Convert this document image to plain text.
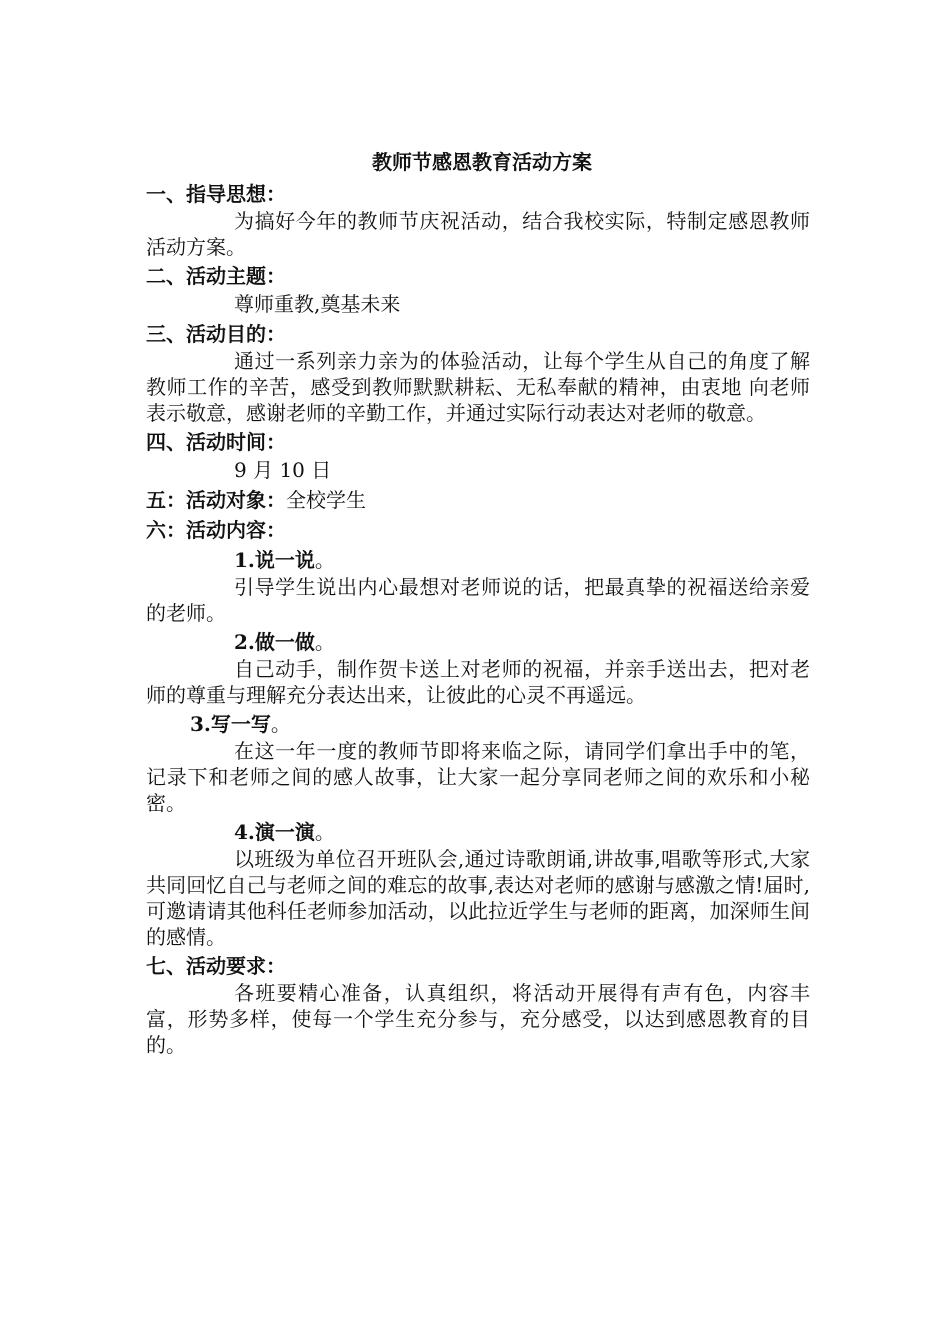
教师节感恩教育活动方案
一、指导思想：

为搞好今年的教师节庆祝活动，结合我校实际，特制定感恩教师活动方案。

二、活动主题：

尊师重教,奠基未来

三、活动目的：

通过一系列亲力亲为的体验活动，让每个学生从自己的角度了解教师工作的辛苦，感受到教师默默耕耘、无私奉献的精神，由衷地 向老师表示敬意，感谢老师的辛勤工作，并通过实际行动表达对老师的敬意。

四、活动时间：

9 月 10 日

五：活动对象：全校学生
六：活动内容：
1.说一说。

引导学生说出内心最想对老师说的话，把最真挚的祝福送给亲爱的老师。

2.做一做。

自己动手，制作贺卡送上对老师的祝福，并亲手送出去，把对老师的尊重与理解充分表达出来，让彼此的心灵不再遥远。

3.写一写。

在这一年一度的教师节即将来临之际，请同学们拿出手中的笔，记录下和老师之间的感人故事，让大家一起分享同老师之间的欢乐和小秘密。

4.演一演。

以班级为单位召开班队会,通过诗歌朗诵,讲故事,唱歌等形式,大家共同回忆自己与老师之间的难忘的故事,表达对老师的感谢与感激之情!届时,可邀请请其他科任老师参加活动，以此拉近学生与老师的距离，加深师生间的感情。

七、活动要求：

各班要精心准备，认真组织，将活动开展得有声有色，内容丰富，形势多样，使每一个学生充分参与，充分感受，以达到感恩教育的目的。
